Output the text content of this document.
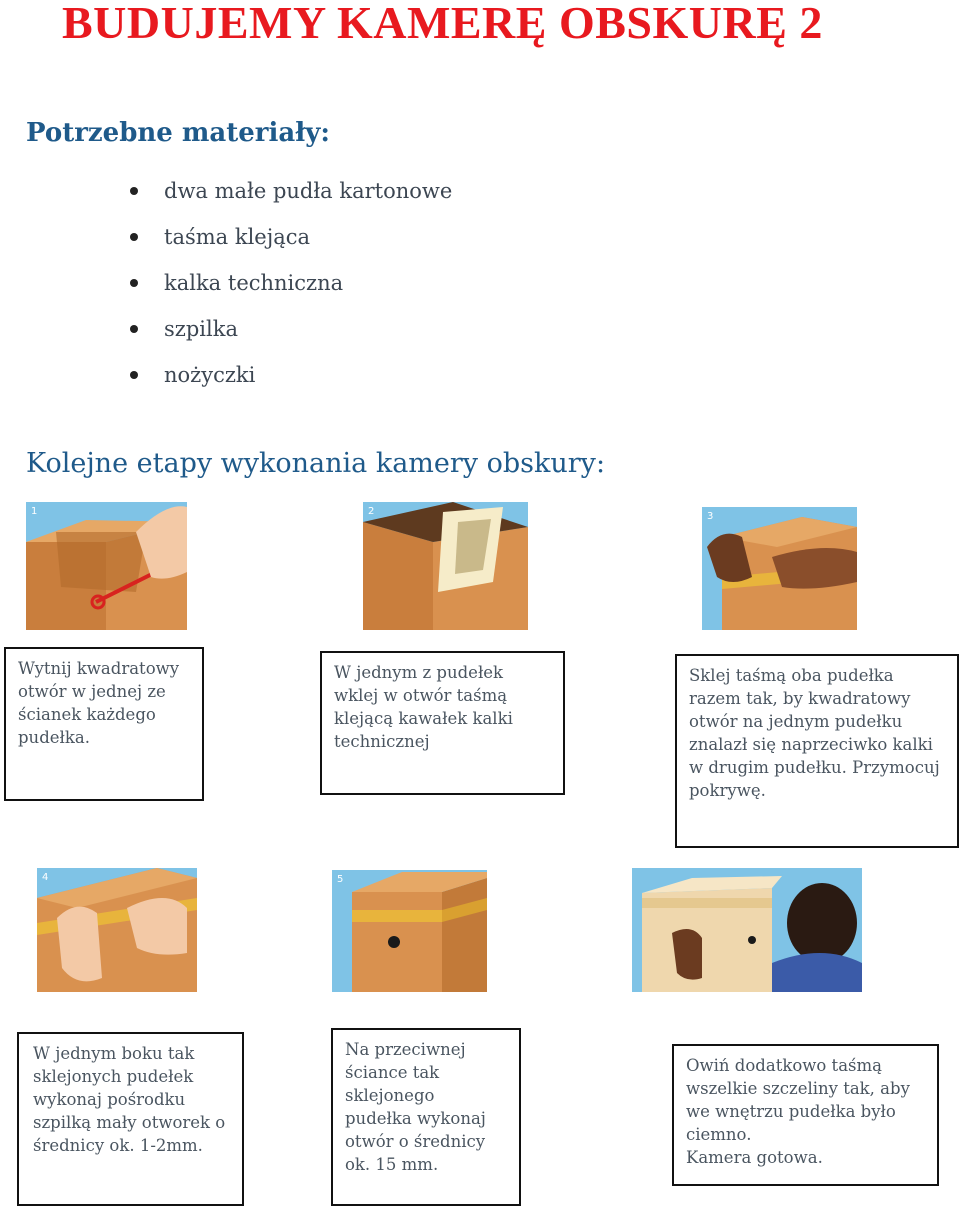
BUDUJEMY KAMERĘ OBSKURĘ 2
Potrzebne materiały:
dwa małe pudła kartonowe
taśma klejąca
kalka techniczna
szpilka
nożyczki
Kolejne etapy wykonania kamery obskury:
1	2	3
4	5
Wytnij kwadratowy
otwór w jednej ze
ścianek każdego
pudełka.
W jednym z pudełek
wklej w otwór taśmą
klejącą kawałek kalki
technicznej
Sklej taśmą oba pudełka
razem tak, by kwadratowy
otwór na jednym pudełku
znalazł się naprzeciwko kalki
w drugim pudełku. Przymocuj
pokrywę.
W jednym boku tak
sklejonych pudełek
wykonaj pośrodku
szpilką mały otworek o
średnicy ok. 1-2mm.
Na przeciwnej
ściance tak
sklejonego
pudełka wykonaj
otwór o średnicy
ok. 15 mm.
Owiń dodatkowo taśmą
wszelkie szczeliny tak, aby
we wnętrzu pudełka było
ciemno.
Kamera gotowa.
